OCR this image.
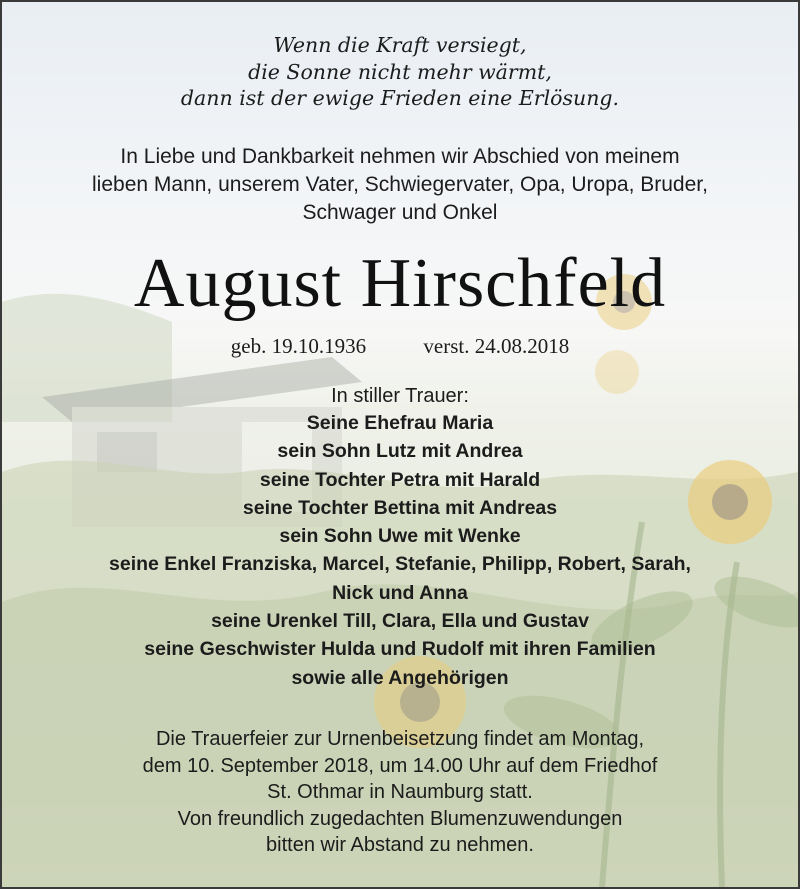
Wenn die Kraft versiegt,
die Sonne nicht mehr wärmt,
dann ist der ewige Frieden eine Erlösung.
In Liebe und Dankbarkeit nehmen wir Abschied von meinem
lieben Mann, unserem Vater, Schwiegervater, Opa, Uropa, Bruder,
Schwager und Onkel
August Hirschfeld
geb. 19.10.1936	verst. 24.08.2018
In stiller Trauer:
Seine Ehefrau Maria
sein Sohn Lutz mit Andrea
seine Tochter Petra mit Harald
seine Tochter Bettina mit Andreas
sein Sohn Uwe mit Wenke
seine Enkel Franziska, Marcel, Stefanie, Philipp, Robert, Sarah,
Nick und Anna
seine Urenkel Till, Clara, Ella und Gustav
seine Geschwister Hulda und Rudolf mit ihren Familien
sowie alle Angehörigen
Die Trauerfeier zur Urnenbeisetzung findet am Montag,
dem 10. September 2018, um 14.00 Uhr auf dem Friedhof
St. Othmar in Naumburg statt.
Von freundlich zugedachten Blumenzuwendungen
bitten wir Abstand zu nehmen.
